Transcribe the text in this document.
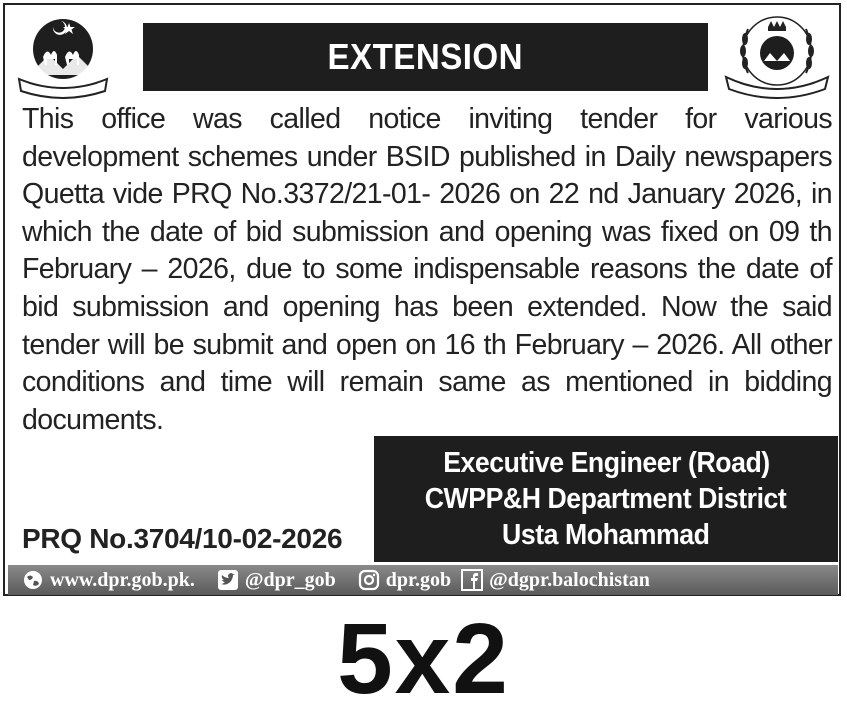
EXTENSION

This office was called notice inviting tender for various development schemes under BSID published in Daily newspapers Quetta vide PRQ No.3372/21-01- 2026 on 22 nd January 2026, in which the date of bid submission and opening was fixed on 09 th February – 2026, due to some indispensable reasons the date of bid submission and opening has been extended. Now the said tender will be submit and open on 16 th February – 2026. All other conditions and time will remain same as mentioned in bidding documents.

Executive Engineer (Road)
CWPP&H Department District
Usta Mohammad
PRQ No.3704/10-02-2026
www.dpr.gob.pk.	@dpr_gob	dpr.gob @dgpr.balochistan
5x2
